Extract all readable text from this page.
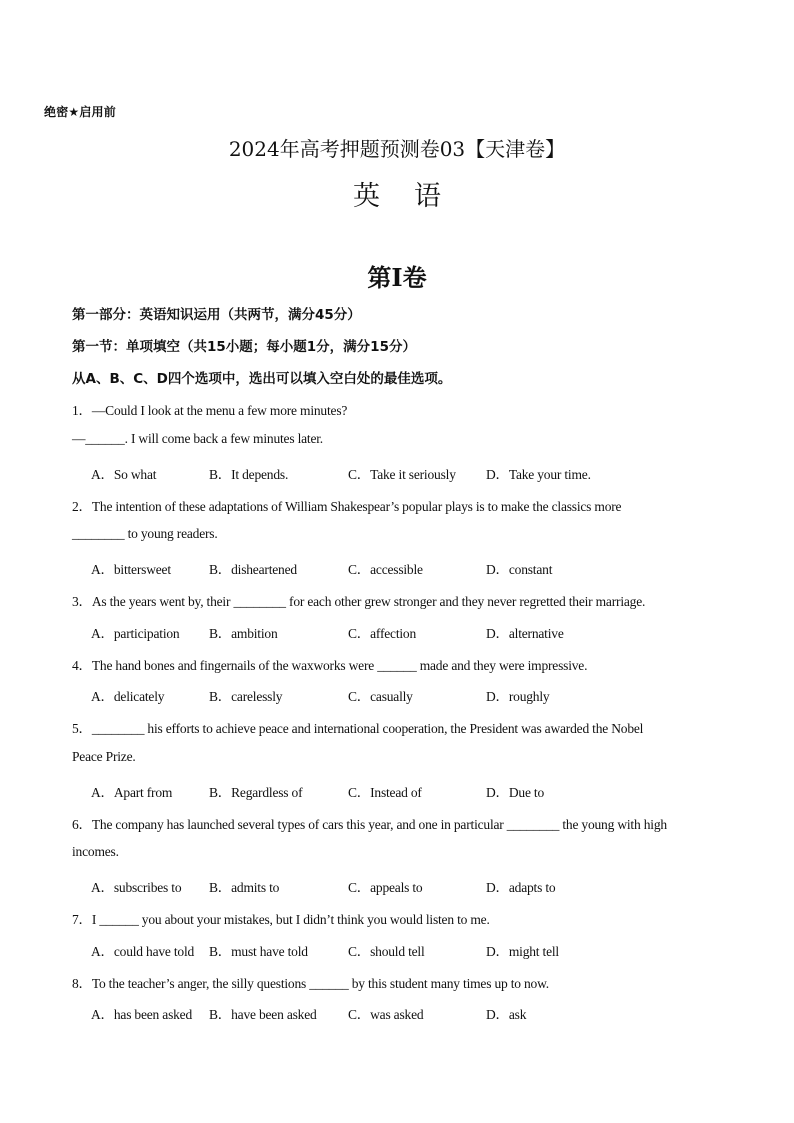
绝密★启用前
2024年高考押题预测卷03【天津卷】
英 语
第I卷
第一部分：英语知识运用（共两节，满分45分）
第一节：单项填空（共15小题；每小题1分，满分15分）
从A、B、C、D四个选项中，选出可以填入空白处的最佳选项。
1．—Could I look at the menu a few more minutes?
—______. I will come back a few minutes later.
A．So what	B．It depends.	C．Take it seriously D．Take your time.
2．The intention of these adaptations of William Shakespear’s popular plays is to make the classics more
________ to young readers.
A．bittersweet	B．disheartened	C．accessible	D．constant
3．As the years went by, their ________ for each other grew stronger and they never regretted their marriage.
A．participation B．ambition	C．affection	D．alternative
4．The hand bones and fingernails of the waxworks were ______ made and they were impressive.
A．delicately	B．carelessly	C．casually	D．roughly
5．________ his efforts to achieve peace and international cooperation, the President was awarded the Nobel
Peace Prize.
A．Apart from	B．Regardless of	C．Instead of	D．Due to
6．The company has launched several types of cars this year, and one in particular ________ the young with high
incomes.
A．subscribes to B．admits to	C．appeals to	D．adapts to
7．I ______ you about your mistakes, but I didn’t think you would listen to me.
A．could have told B．must have told	C．should tell	D．might tell
8．To the teacher’s anger, the silly questions ______ by this student many times up to now.
A．has been asked B．have been asked C．was asked	D．ask
